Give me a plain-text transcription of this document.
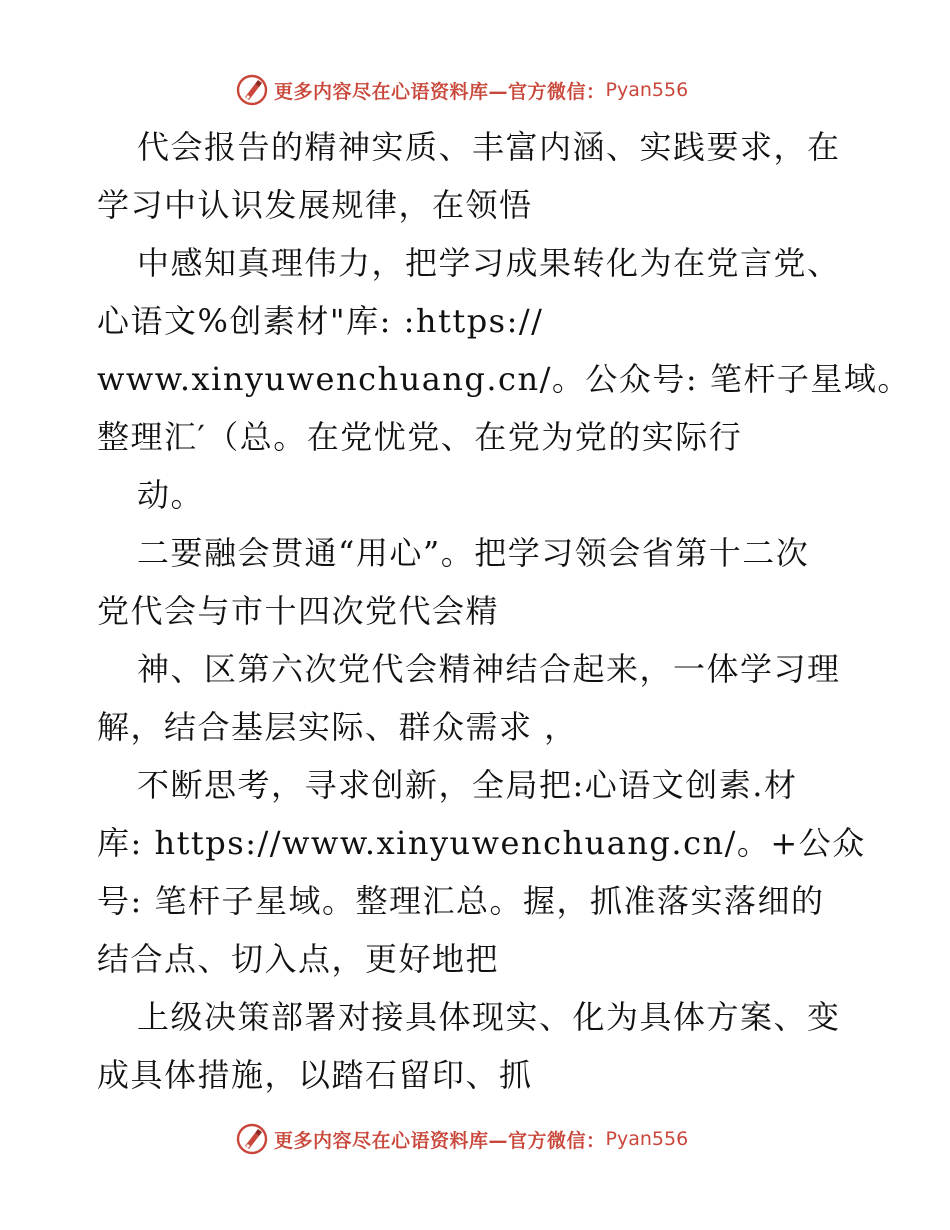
更多内容尽在心语资料库—官方微信： Pyan556
代会报告的精神实质、丰富内涵、实践要求，在
学习中认识发展规律，在领悟
中感知真理伟力，把学习成果转化为在党言党、
心语文%创素材"库: :https://
www.xinyuwenchuang.cn/。公众号: 笔杆子星域。
整理汇′（总。在党忧党、在党为党的实际行
动。
二要融会贯通“用心”。把学习领会省第十二次
党代会与市十四次党代会精
神、区第六次党代会精神结合起来，一体学习理
解，结合基层实际、群众需求 ，
不断思考，寻求创新，全局把:心语文创素.材
库: https://www.xinyuwenchuang.cn/。+公众
号: 笔杆子星域。整理汇总。握，抓准落实落细的
结合点、切入点，更好地把
上级决策部署对接具体现实、化为具体方案、变
成具体措施，以踏石留印、抓
更多内容尽在心语资料库—官方微信： Pyan556
